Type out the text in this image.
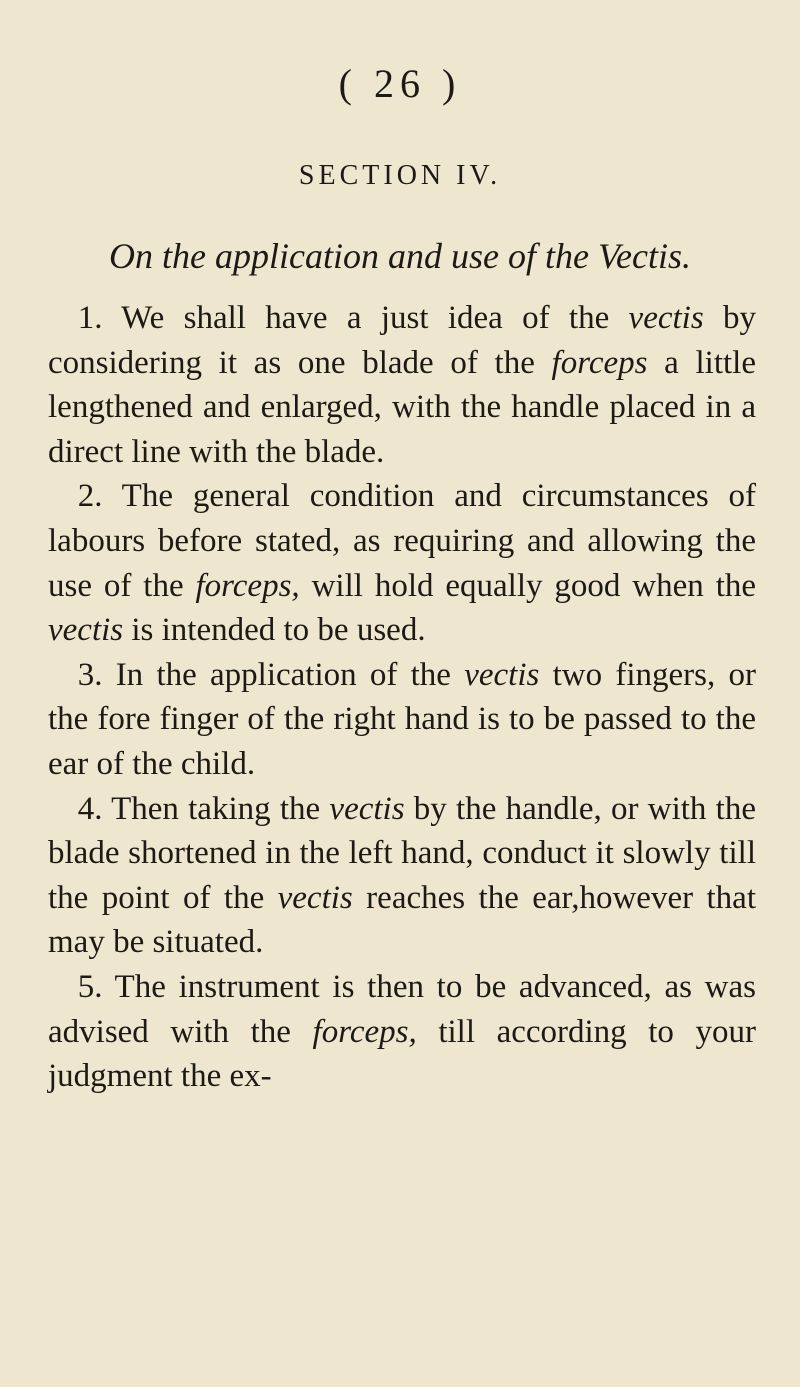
( 26 )
SECTION IV.
On the application and use of the Vectis.

1. We shall have a just idea of the vectis by considering it as one blade of the forceps a little lengthened and enlarged, with the handle placed in a direct line with the blade.

2. The general condition and circumstances of labours before stated, as requiring and allowing the use of the forceps, will hold equally good when the vectis is intended to be used.

3. In the application of the vectis two fingers, or the fore finger of the right hand is to be passed to the ear of the child.

4. Then taking the vectis by the handle, or with the blade shortened in the left hand, conduct it slowly till the point of the vectis reaches the ear,however that may be situated.

5. The instrument is then to be advanced, as was advised with the forceps, till according to your judgment the ex-
